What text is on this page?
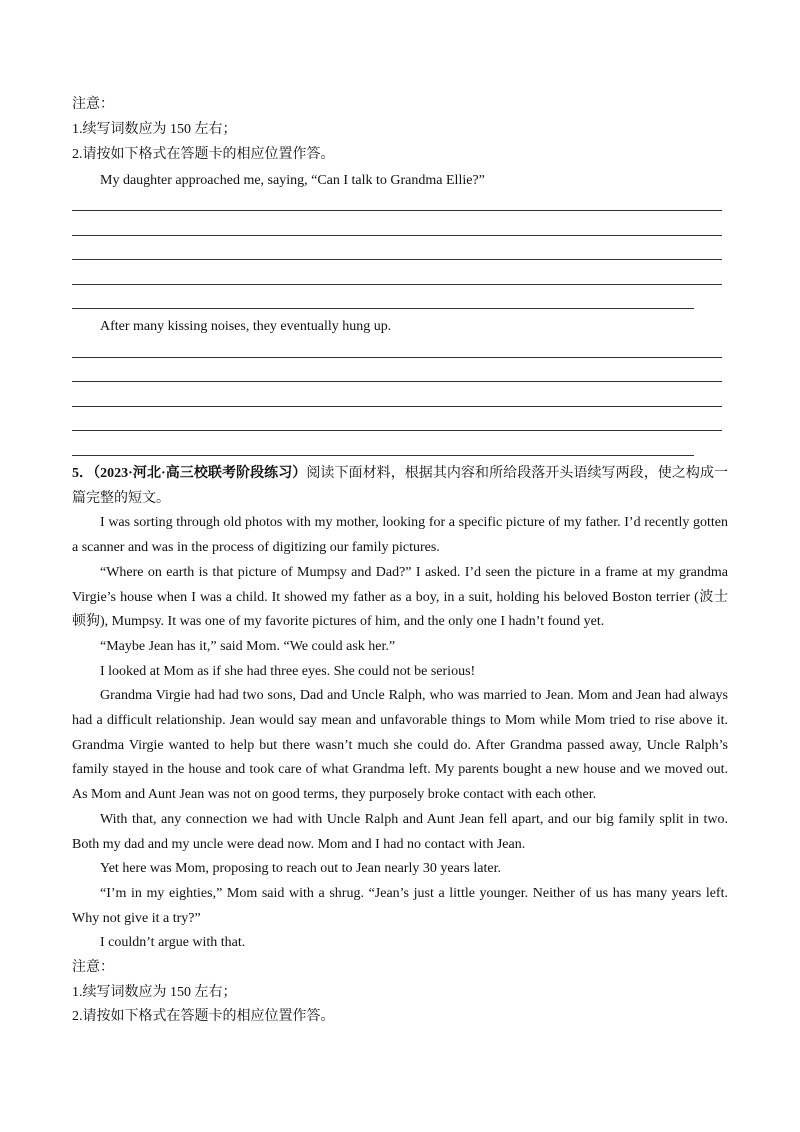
注意：
1.续写词数应为 150 左右；
2.请按如下格式在答题卡的相应位置作答。
My daughter approached me, saying, “Can I talk to Grandma Ellie?”
After many kissing noises, they eventually hung up.
5．（2023·河北·高三校联考阶段练习）阅读下面材料，根据其内容和所给段落开头语续写两段，使之构成一篇完整的短文。

I was sorting through old photos with my mother, looking for a specific picture of my father. I’d recently gotten a scanner and was in the process of digitizing our family pictures.

“Where on earth is that picture of Mumpsy and Dad?” I asked. I’d seen the picture in a frame at my grandma Virgie’s house when I was a child. It showed my father as a boy, in a suit, holding his beloved Boston terrier (波士顿狗), Mumpsy. It was one of my favorite pictures of him, and the only one I hadn’t found yet.

“Maybe Jean has it,” said Mom. “We could ask her.”

I looked at Mom as if she had three eyes. She could not be serious!

Grandma Virgie had had two sons, Dad and Uncle Ralph, who was married to Jean. Mom and Jean had always had a difficult relationship. Jean would say mean and unfavorable things to Mom while Mom tried to rise above it. Grandma Virgie wanted to help but there wasn’t much she could do. After Grandma passed away, Uncle Ralph’s family stayed in the house and took care of what Grandma left. My parents bought a new house and we moved out. As Mom and Aunt Jean was not on good terms, they purposely broke contact with each other.

With that, any connection we had with Uncle Ralph and Aunt Jean fell apart, and our big family split in two. Both my dad and my uncle were dead now. Mom and I had no contact with Jean.

Yet here was Mom, proposing to reach out to Jean nearly 30 years later.

“I’m in my eighties,” Mom said with a shrug. “Jean’s just a little younger. Neither of us has many years left. Why not give it a try?”

I couldn’t argue with that.

注意：
1.续写词数应为 150 左右；
2.请按如下格式在答题卡的相应位置作答。
